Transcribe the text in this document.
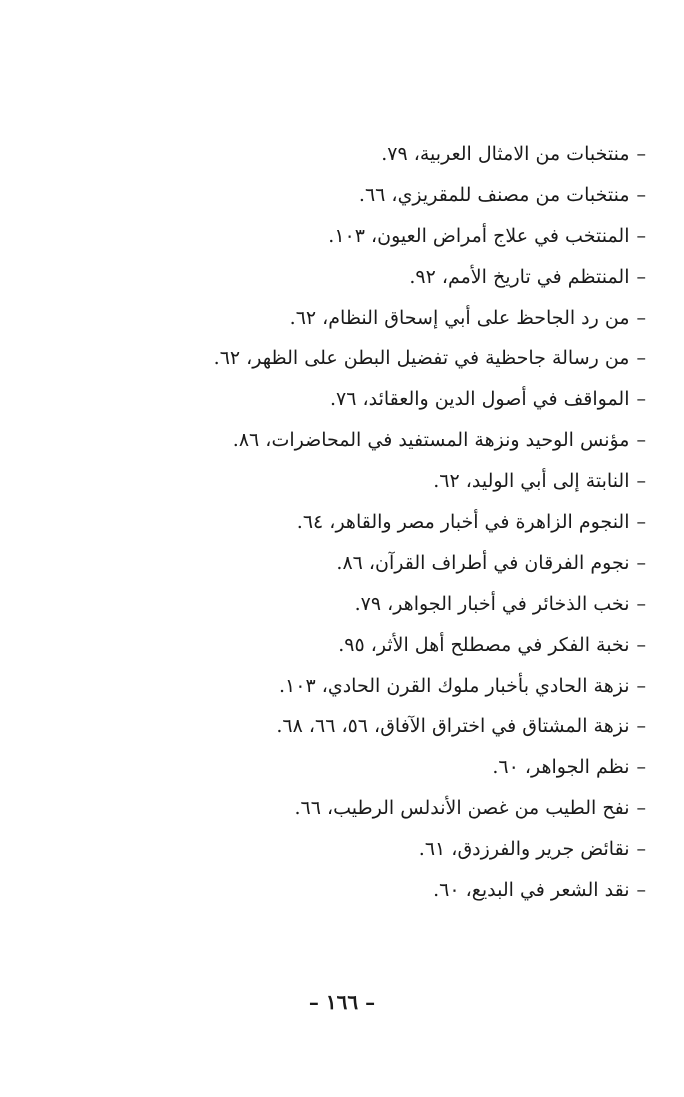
–منتخبات من الامثال العربية، ٧٩.
–منتخبات من مصنف للمقريزي، ٦٦.
–المنتخب في علاج أمراض العيون، ١٠٣.
–المنتظم في تاريخ الأمم، ٩٢.
–من رد الجاحظ على أبي إسحاق النظام، ٦٢.
–من رسالة جاحظية في تفضيل البطن على الظهر، ٦٢.
–المواقف في أصول الدين والعقائد، ٧٦.
–مؤنس الوحيد ونزهة المستفيد في المحاضرات، ٨٦.
–النابتة إلى أبي الوليد، ٦٢.
–النجوم الزاهرة في أخبار مصر والقاهر، ٦٤.
–نجوم الفرقان في أطراف القرآن، ٨٦.
–نخب الذخائر في أخبار الجواهر، ٧٩.
–نخبة الفكر في مصطلح أهل الأثر، ٩٥.
–نزهة الحادي بأخبار ملوك القرن الحادي، ١٠٣.
–نزهة المشتاق في اختراق الآفاق، ٥٦، ٦٦، ٦٨.
–نظم الجواهر، ٦٠.
–نفح الطيب من غصن الأندلس الرطيب، ٦٦.
–نقائض جرير والفرزدق، ٦١.
–نقد الشعر في البديع، ٦٠.
– ١٦٦ –
